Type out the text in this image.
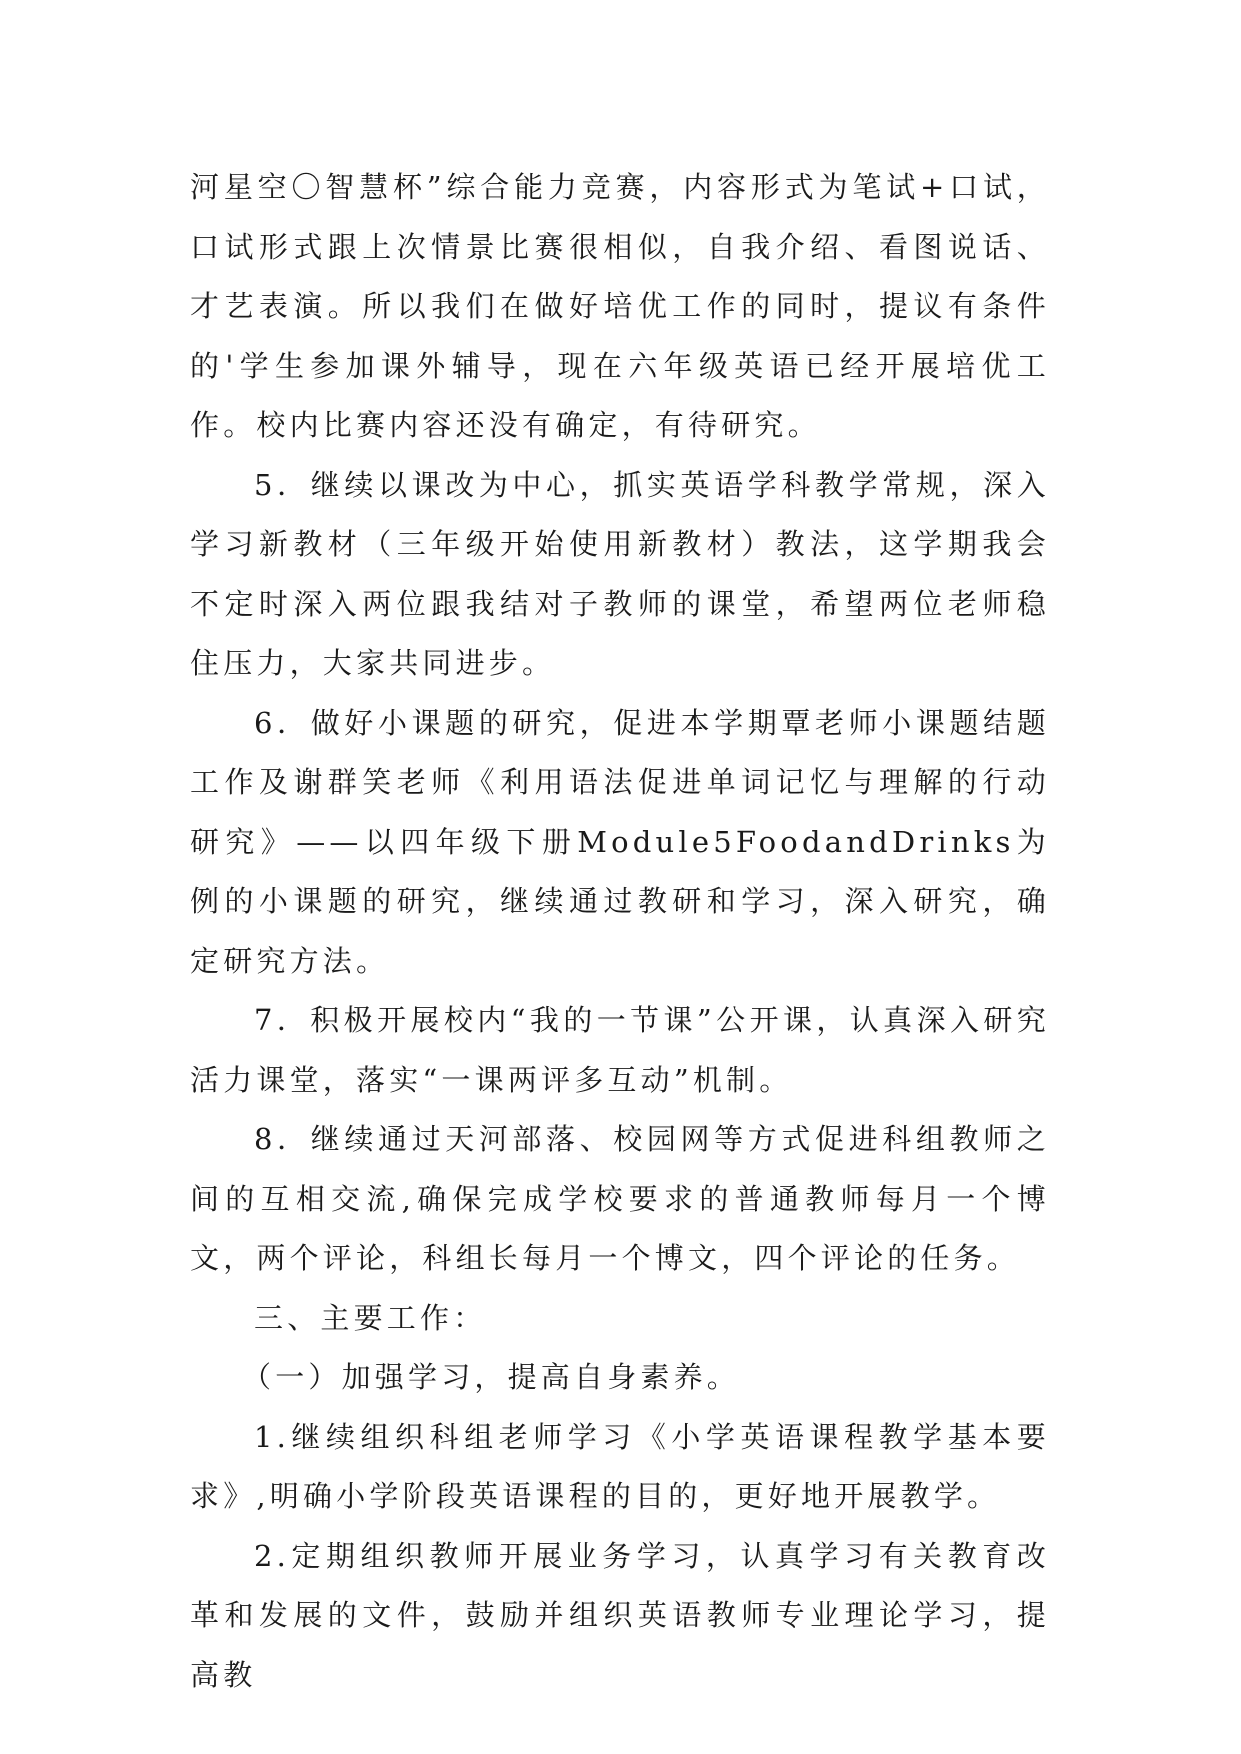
河星空〇智慧杯”综合能力竞赛，内容形式为笔试+口试，口试形式跟上次情景比赛很相似，自我介绍、看图说话、才艺表演。所以我们在做好培优工作的同时，提议有条件的'学生参加课外辅导，现在六年级英语已经开展培优工作。校内比赛内容还没有确定，有待研究。

5．继续以课改为中心，抓实英语学科教学常规，深入学习新教材（三年级开始使用新教材）教法，这学期我会不定时深入两位跟我结对子教师的课堂，希望两位老师稳住压力，大家共同进步。

6．做好小课题的研究，促进本学期覃老师小课题结题工作及谢群笑老师《利用语法促进单词记忆与理解的行动研究》——以四年级下册Module5FoodandDrinks为例的小课题的研究，继续通过教研和学习，深入研究，确定研究方法。

7．积极开展校内“我的一节课”公开课，认真深入研究活力课堂，落实“一课两评多互动”机制。

8．继续通过天河部落、校园网等方式促进科组教师之间的互相交流,确保完成学校要求的普通教师每月一个博文，两个评论，科组长每月一个博文，四个评论的任务。

三、主要工作：

（一）加强学习，提高自身素养。

1.继续组织科组老师学习《小学英语课程教学基本要求》,明确小学阶段英语课程的目的，更好地开展教学。

2.定期组织教师开展业务学习，认真学习有关教育改革和发展的文件，鼓励并组织英语教师专业理论学习，提高教
